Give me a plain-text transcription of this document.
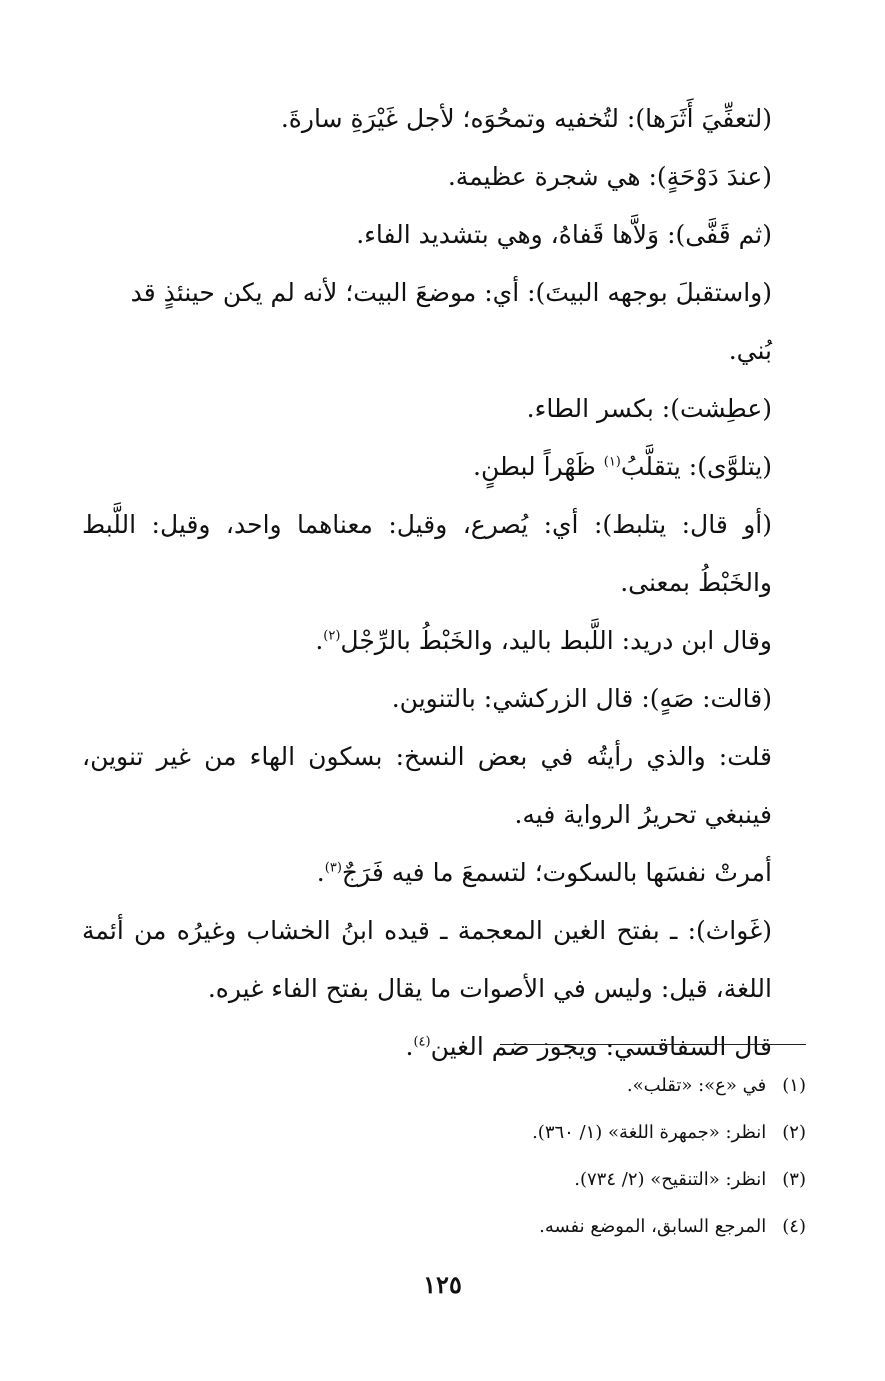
(لتعفِّيَ أَثَرَها): لتُخفيه وتمحُوَه؛ لأجل غَيْرَةِ سارةَ.

(عندَ دَوْحَةٍ): هي شجرة عظيمة.

(ثم قَفَّى): وَلاَّها قَفاهُ، وهي بتشديد الفاء.

(واستقبلَ بوجهه البيتَ): أي: موضعَ البيت؛ لأنه لم يكن حينئذٍ قد بُني.

(عطِشت): بكسر الطاء.

(يتلوَّى): يتقلَّبُ$^{(١)}$ ظَهْراً لبطنٍ.

(أو قال: يتلبط): أي: يُصرع، وقيل: معناهما واحد، وقيل: اللَّبط والخَبْطُ بمعنى.

وقال ابن دريد: اللَّبط باليد، والخَبْطُ بالرِّجْل$^{(٢)}$.

(قالت: صَهٍ): قال الزركشي: بالتنوين.

قلت: والذي رأيتُه في بعض النسخ: بسكون الهاء من غير تنوين، فينبغي تحريرُ الرواية فيه.

أمرتْ نفسَها بالسكوت؛ لتسمعَ ما فيه فَرَجٌ$^{(٣)}$.

(غَواث): ـ بفتح الغين المعجمة ـ قيده ابنُ الخشاب وغيرُه من أئمة اللغة، قيل: وليس في الأصوات ما يقال بفتح الفاء غيره.

قال السفاقسي: ويجوز ضم الغين$^{(٤)}$.

(١) في «ع»: «تقلب».

(٢) انظر: «جمهرة اللغة» (١/ ٣٦٠).

(٣) انظر: «التنقيح» (٢/ ٧٣٤).

(٤) المرجع السابق، الموضع نفسه.

١٢٥
